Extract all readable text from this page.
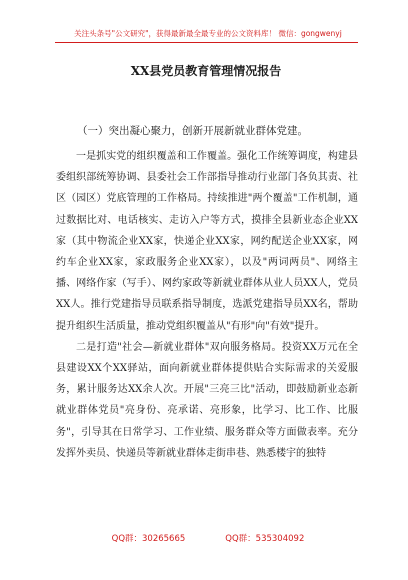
关注头条号"公文研究"，获得最新最全最专业的公文资料库！ 微信：gongwenyj
XX县党员教育管理情况报告

（一）突出凝心聚力，创新开展新就业群体党建。

一是抓实党的组织覆盖和工作覆盖。强化工作统筹调度，构建县委组织部统筹协调、县委社会工作部指导推动行业部门各负其责、社区（园区）党底管理的工作格局。持续推进"两个覆盖"工作机制，通过数据比对、电话核实、走访入户等方式，摸排全县新业态企业XX家（其中物流企业XX家，快递企业XX家，网约配送企业XX家，网约车企业XX家，家政服务企业XX家），以及"两词两员"、网络主播、网络作家（写手）、网约家政等新就业群体从业人员XX人，党员XX人。推行党建指导员联系指导制度，选派党建指导员XX名，帮助提升组织生活质量，推动党组织覆盖从"有形"向"有效"提升。

二是打造"社会—新就业群体"双向服务格局。投资XX万元在全县建设XX个XX驿站，面向新就业群体提供贴合实际需求的关爱服务，累计服务达XX余人次。开展"三亮三比"活动，即鼓励新业态新就业群体党员"亮身份、亮承诺、亮形象，比学习、比工作、比服务"，引导其在日常学习、工作业绩、服务群众等方面做表率。充分发挥外卖员、快递员等新就业群体走街串巷、熟悉楼宇的独特

QQ群：30265665	QQ群：535304092
